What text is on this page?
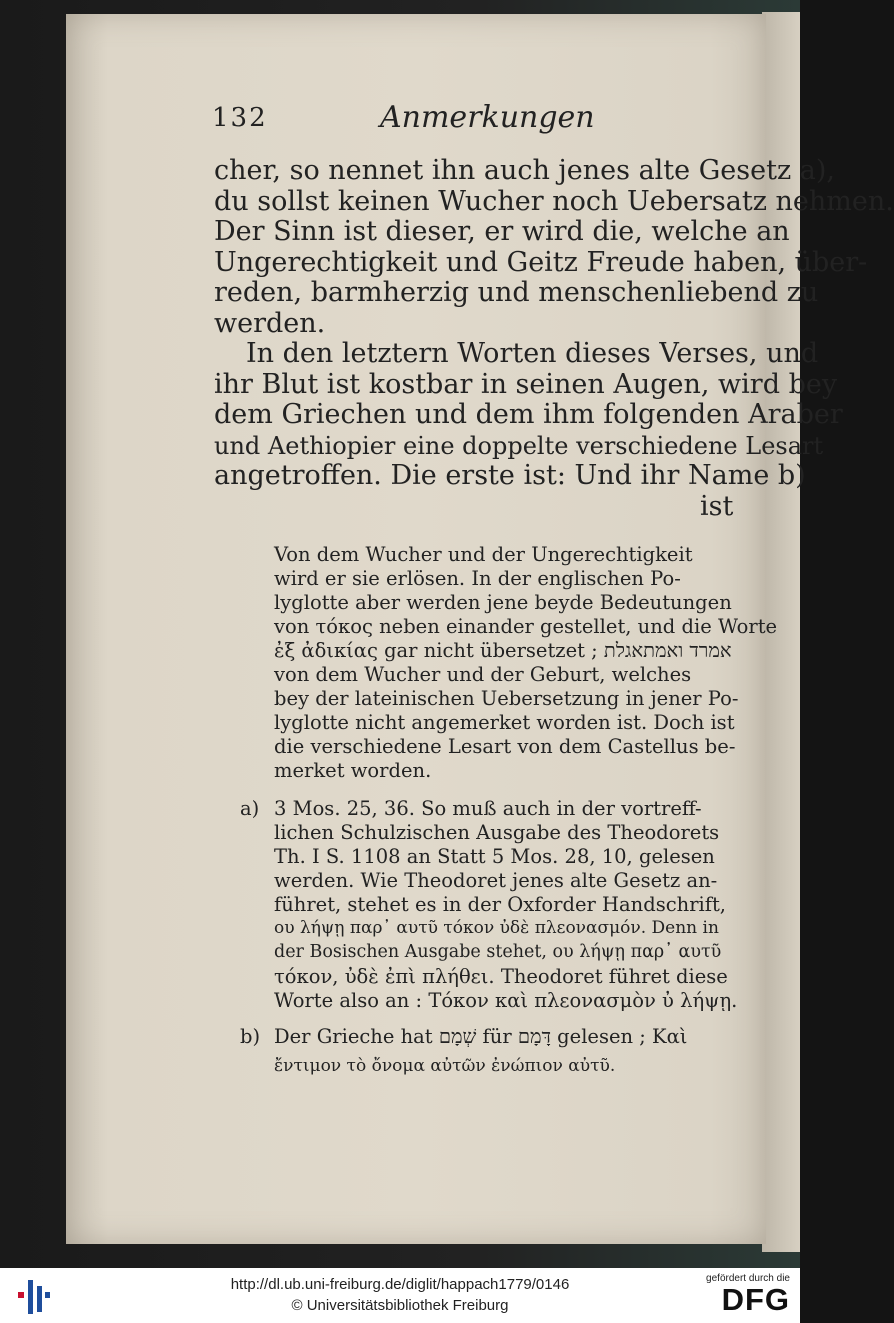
132	Anmerkungen
cher, so nennet ihn auch jenes alte Gesetz a),
du sollst keinen Wucher noch Uebersatz nehmen.
Der Sinn ist dieser, er wird die, welche an
Ungerechtigkeit und Geitz Freude haben, über-
reden, barmherzig und menschenliebend zu
werden.
In den letztern Worten dieses Verses, und
ihr Blut ist kostbar in seinen Augen, wird bey
dem Griechen und dem ihm folgenden Araber
und Aethiopier eine doppelte verschiedene Lesart
angetroffen. Die erste ist: Und ihr Name b)
ist
Von dem Wucher und der Ungerechtigkeit
wird er sie erlösen. In der englischen Po-
lyglotte aber werden jene beyde Bedeutungen
von τόκος neben einander gestellet, und die Worte
ἐξ ἀδικίας gar nicht übersetzet ; אמרד ואמתאגלת
von dem Wucher und der Geburt, welches
bey der lateinischen Uebersetzung in jener Po-
lyglotte nicht angemerket worden ist. Doch ist
die verschiedene Lesart von dem Castellus be-
merket worden.
a) 3 Mos. 25, 36. So muß auch in der vortreff-
lichen Schulzischen Ausgabe des Theodorets
Th. I S. 1108 an Statt 5 Mos. 28, 10, gelesen
werden. Wie Theodoret jenes alte Gesetz an-
führet, stehet es in der Oxforder Handschrift,
ου λήψῃ παρ᾽ αυτῦ τόκον ὐδὲ πλεονασμόν. Denn in
der Bosischen Ausgabe stehet, ου λήψῃ παρ᾽ αυτῦ
τόκον, ὐδὲ ἐπὶ πλήθει. Theodoret führet diese
Worte also an : Τόκον καὶ πλεονασμὸν ὐ λήψῃ.
b) Der Grieche hat שְׁמָם für דָּמָם gelesen ; Καὶ
ἔντιμον τὸ ὄνομα αὐτῶν ἐνώπιον αὐτῦ.
http://dl.ub.uni-freiburg.de/diglit/happach1779/0146
© Universitätsbibliothek Freiburg
gefördert durch die
DFG
